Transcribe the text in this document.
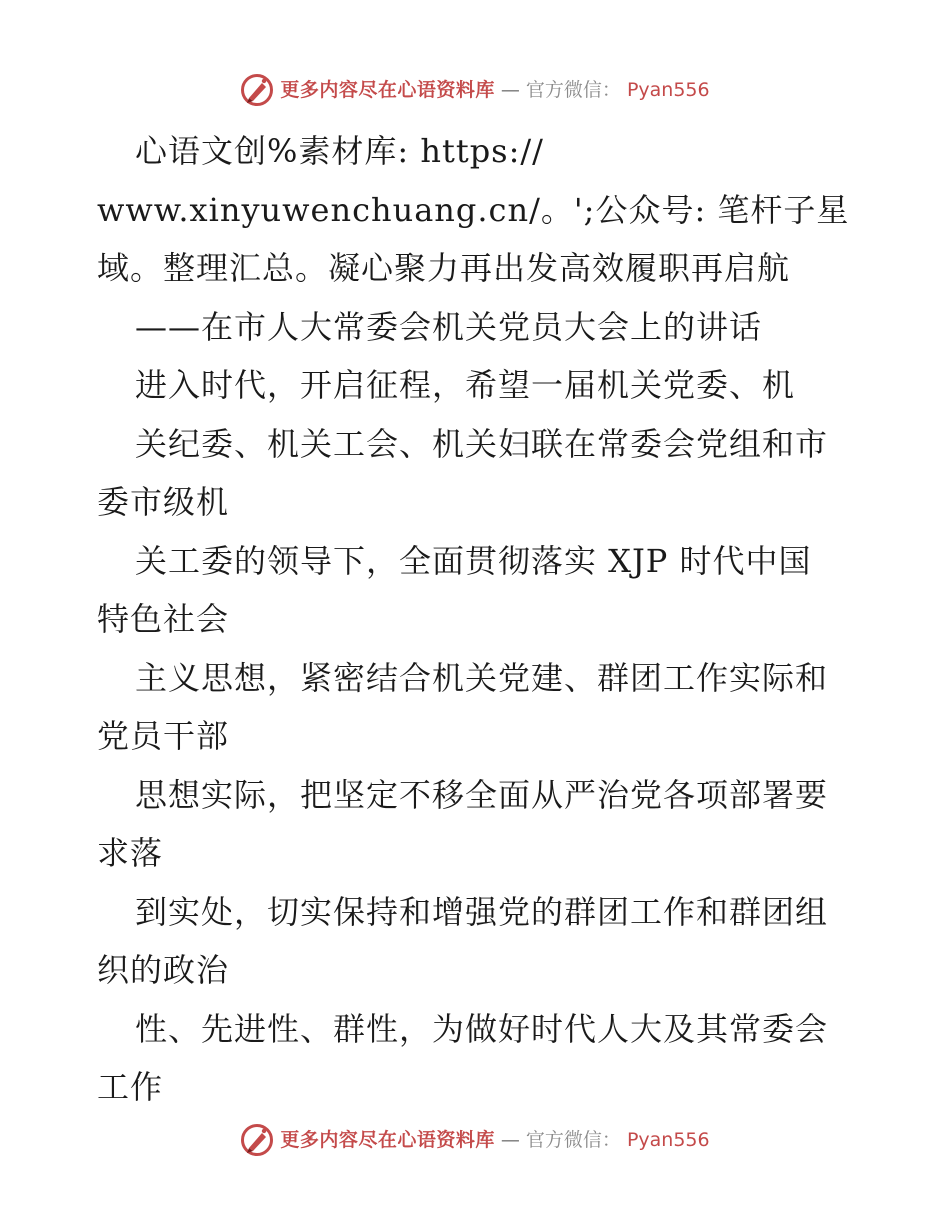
更多内容尽在心语资料库 — 官方微信： Pyan556
心语文创%素材库: https://
www.xinyuwenchuang.cn/。';公众号: 笔杆子星
域。整理汇总。凝心聚力再出发高效履职再启航
——在市人大常委会机关党员大会上的讲话
进入时代，开启征程，希望一届机关党委、机
关纪委、机关工会、机关妇联在常委会党组和市
委市级机
关工委的领导下，全面贯彻落实 XJP 时代中国
特色社会
主义思想，紧密结合机关党建、群团工作实际和
党员干部
思想实际，把坚定不移全面从严治党各项部署要
求落
到实处，切实保持和增强党的群团工作和群团组
织的政治
性、先进性、群性，为做好时代人大及其常委会
工作
更多内容尽在心语资料库 — 官方微信： Pyan556
